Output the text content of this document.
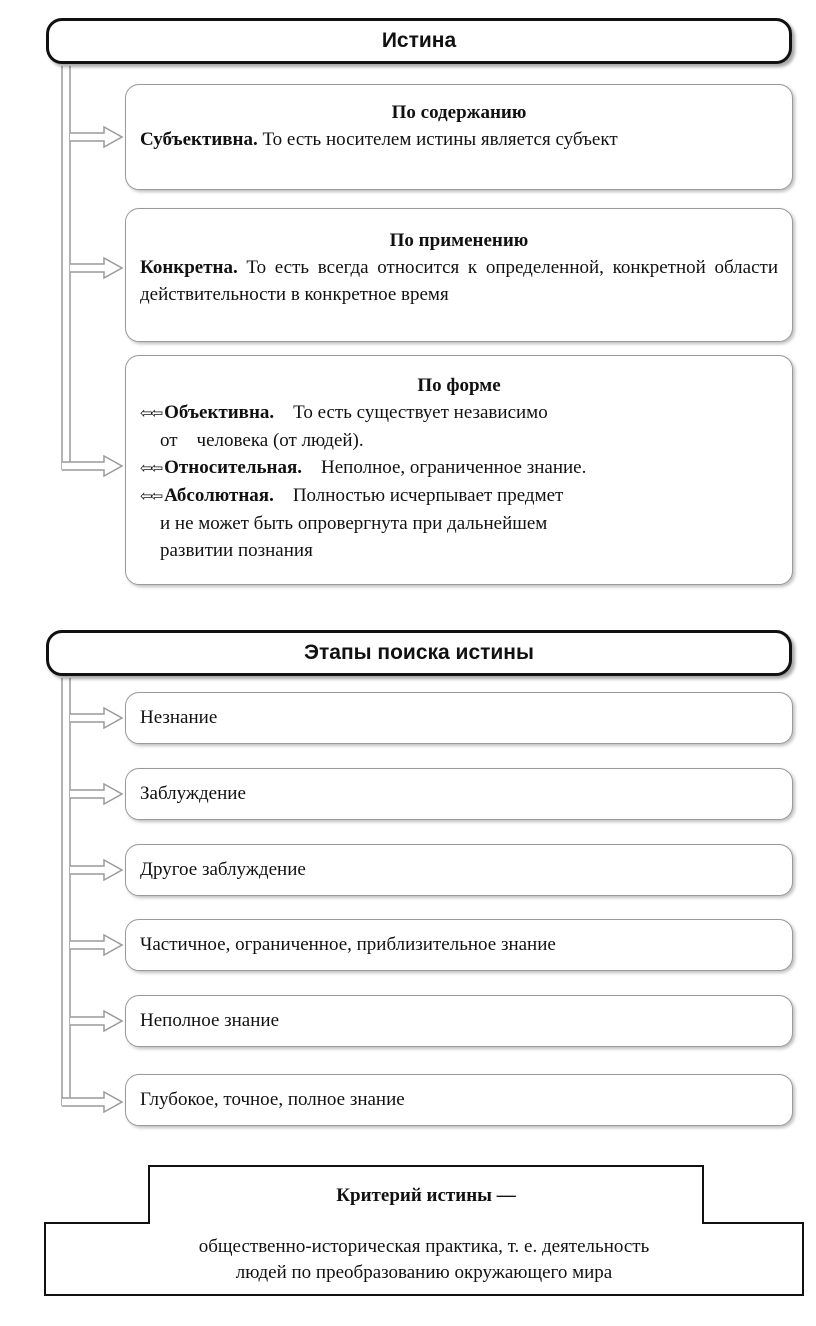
Истина
По содержанию
Субъективна. То есть носителем истины является субъект
По применению
Конкретна. То есть всегда относится к определенной, конкретной области действительности в конкретное время
По форме
⇦⇦ Объективна. То есть существует независимо
от    человека (от людей).
⇦⇦ Относительная. Неполное, ограниченное знание.
⇦⇦ Абсолютная. Полностью исчерпывает предмет
и не может быть опровергнута при дальнейшем
развитии познания
Этапы поиска истины
Незнание
Заблуждение
Другое заблуждение
Частичное, ограниченное, приблизительное знание
Неполное знание
Глубокое, точное, полное знание
Критерий истины —
общественно-историческая практика, т. е. деятельность
людей по преобразованию окружающего мира
